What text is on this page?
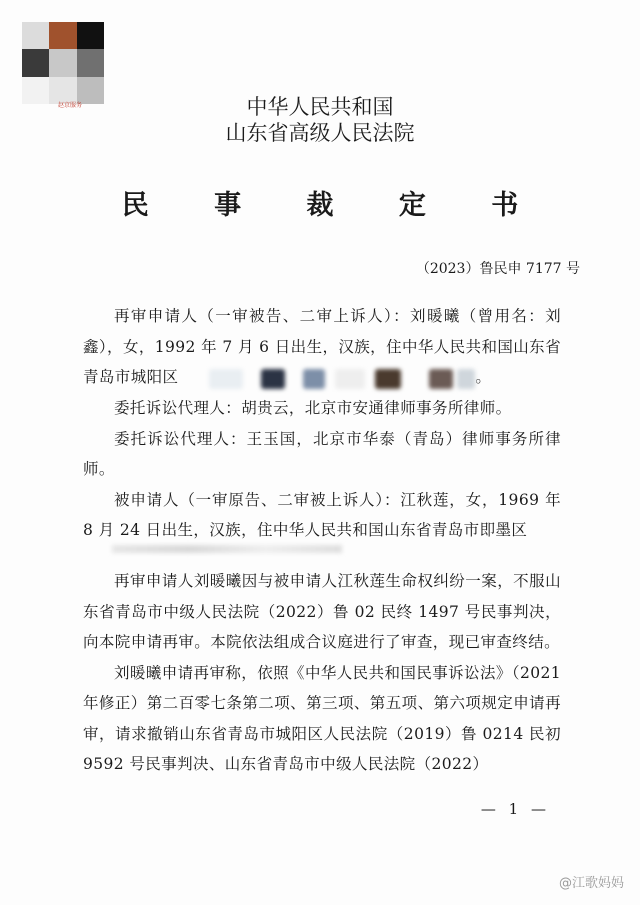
赵京服务	中华人民共和国
山东省高级人民法院
民 事 裁 定 书
（2023）鲁民申 7177 号

再审申请人（一审被告、二审上诉人）：刘暖曦（曾用名：刘鑫），女，1992 年 7 月 6 日出生，汉族，住中华人民共和国山东省青岛市城阳区	。

委托诉讼代理人：胡贵云，北京市安通律师事务所律师。

委托诉讼代理人：王玉国，北京市华泰（青岛）律师事务所律师。

被申请人（一审原告、二审被上诉人）：江秋莲，女，1969 年 8 月 24 日出生，汉族，住中华人民共和国山东省青岛市即墨区

再审申请人刘暖曦因与被申请人江秋莲生命权纠纷一案，不服山东省青岛市中级人民法院（2022）鲁 02 民终 1497 号民事判决，向本院申请再审。本院依法组成合议庭进行了审查，现已审查终结。

刘暖曦申请再审称，依照《中华人民共和国民事诉讼法》（2021 年修正）第二百零七条第二项、第三项、第五项、第六项规定申请再审，请求撤销山东省青岛市城阳区人民法院（2019）鲁 0214 民初 9592 号民事判决、山东省青岛市中级人民法院（2022）

— 1 —
@江歌妈妈
